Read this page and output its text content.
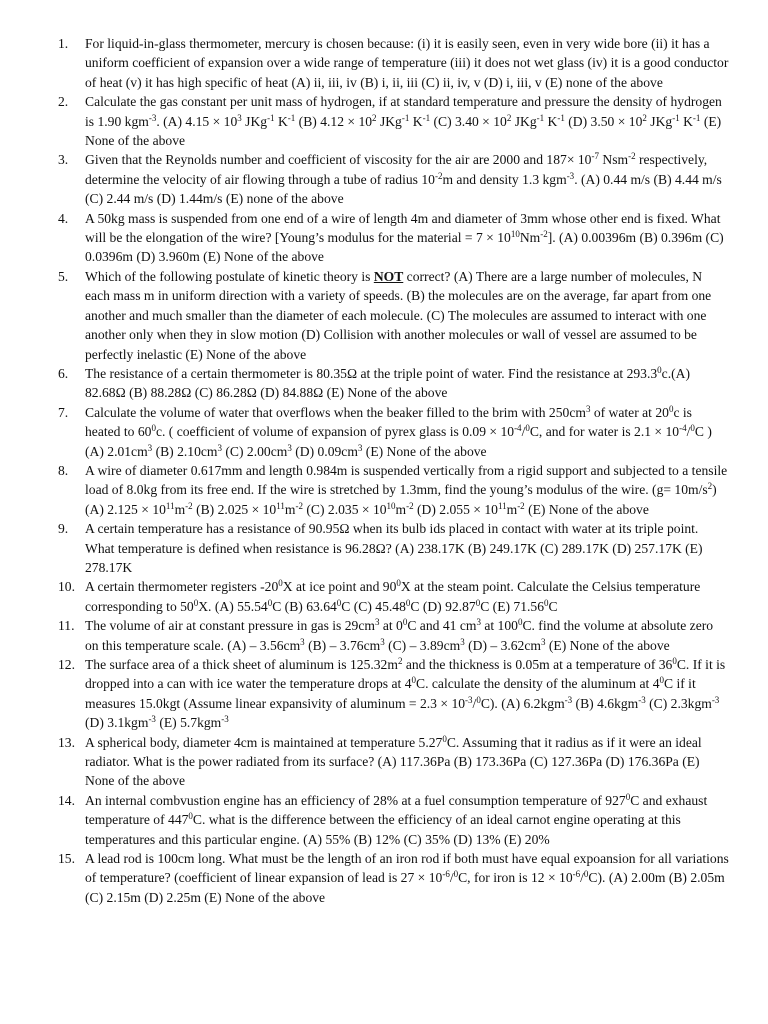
1.	For liquid-in-glass thermometer, mercury is chosen because: (i) it is easily seen, even in very wide bore (ii) it has a uniform coefficient of expansion over a wide range of temperature (iii) it does not wet glass (iv) it is a good conductor of heat (v) it has high specific of heat (A) ii, iii, iv (B) i, ii, iii (C) ii, iv, v (D) i, iii, v (E) none of the above
2.	Calculate the gas constant per unit mass of hydrogen, if at standard temperature and pressure the density of hydrogen is 1.90 kgm$^{-3}$. (A) $4.15 \times 10^3$ JKg$^{-1}$ $K^{-1}$ (B) $4.12 \times 10^2$ JKg$^{-1}$ $K^{-1}$ (C) $3.40 \times 10^2$ JKg$^{-1}$ $K^{-1}$ (D) $3.50 \times 10^2$ JKg$^{-1}$ $K^{-1}$ (E) None of the above
3.	Given that the Reynolds number and coefficient of viscosity for the air are 2000 and $187\times 10^{-7}$ Nsm$^{-2}$ respectively, determine the velocity of air flowing through a tube of radius $10^{-2}m$ and density 1.3 kgm$^{-3}$. (A) 0.44 m/s (B) 4.44 m/s (C) 2.44 m/s (D) 1.44m/s (E) none of the above
4.	A 50kg mass is suspended from one end of a wire of length 4m and diameter of 3mm whose other end is fixed. What will be the elongation of the wire? [Young’s modulus for the material = $7 \times 10^{10}Nm^{-2}$]. (A) 0.00396m (B) 0.396m (C) 0.0396m (D) 3.960m (E) None of the above
5.	Which of the following postulate of kinetic theory is NOT correct? (A) There are a large number of molecules, N each mass m in uniform direction with a variety of speeds. (B) the molecules are on the average, far apart from one another and much smaller than the diameter of each molecule. (C) The molecules are assumed to interact with one another only when they in slow motion (D) Collision with another molecules or wall of vessel are assumed to be perfectly inelastic (E) None of the above
6.	The resistance of a certain thermometer is 80.35Ω at the triple point of water. Find the resistance at 293.3$^0$c.(A) 82.68Ω (B) 88.28Ω (C) 86.28Ω (D) 84.88Ω (E) None of the above
7.	Calculate the volume of water that overflows when the beaker filled to the brim with $250cm^3$ of water at $20^0c$ is heated to $60^0c$. ( coefficient of volume of expansion of pyrex glass is $0.09 \times 10^{-4}/^0C$, and for water is $2.1 \times 10^{-4}/^0C$ ) (A) $2.01cm^3$ (B) $2.10cm^3$ (C) $2.00cm^3$ (D) $0.09cm^3$ (E) None of the above
8.	A wire of diameter 0.617mm and length 0.984m is suspended vertically from a rigid support and subjected to a tensile load of 8.0kg from its free end. If the wire is stretched by 1.3mm, find the young’s modulus of the wire. $(g= 10m/s^2)$ (A) $2.125 \times 10^{11}m^{-2}$ (B) $2.025 \times 10^{11}m^{-2}$ (C) $2.035 \times 10^{10}m^{-2}$ (D) $2.055 \times 10^{11}m^{-2}$ (E) None of the above
9.	A certain temperature has a resistance of 90.95Ω when its bulb ids placed in contact with water at its triple point. What temperature is defined when resistance is 96.28Ω? (A) 238.17K (B) 249.17K (C) 289.17K (D) 257.17K (E) 278.17K
10. A certain thermometer registers $-20^0X$ at ice point and $90^0X$ at the steam point. Calculate the Celsius temperature corresponding to $50^0X$. (A) 55.54$^0$C (B) 63.64$^0$C (C) 45.48$^0$C (D) 92.87$^0$C (E) 71.56$^0$C
11. The volume of air at constant pressure in gas is $29cm^3$ at $0^0C$ and 41 $cm^3$ at $100^0C$. find the volume at absolute zero on this temperature scale. $(A) - 3.56cm^3$ $(B) - 3.76cm^3$ $(C) - 3.89cm^3$ $(D) - 3.62cm^3$ (E) None of the above
12. The surface area of a thick sheet of aluminum is $125.32m^2$ and the thickness is 0.05m at a temperature of $36^0C$. If it is dropped into a can with ice water the temperature drops at $4^0C$. calculate the density of the aluminum at $4^0C$ if it measures 15.0kgt (Assume linear expansivity of aluminum = $2.3 \times 10^{-3}/^0C$). (A) 6.2kgm$^{-3}$ (B) 4.6kgm$^{-3}$ (C) 2.3kgm$^{-3}$ (D) 3.1kgm$^{-3}$ (E) 5.7kgm$^{-3}$
13. A spherical body, diameter 4cm is maintained at temperature 5.27$^0$C. Assuming that it radius as if it were an ideal radiator. What is the power radiated from its surface? (A) 117.36Pa (B) 173.36Pa (C) 127.36Pa (D) 176.36Pa (E) None of the above
14. An internal combvustion engine has an efficiency of 28% at a fuel consumption temperature of $927^0C$ and exhaust temperature of $447^0C$. what is the difference between the efficiency of an ideal carnot engine operating at this temperatures and this particular engine. (A) 55% (B) 12% (C) 35% (D) 13% (E) 20%
15. A lead rod is 100cm long. What must be the length of an iron rod if both must have equal expoansion for all variations of temperature? (coefficient of linear expansion of lead is $27 \times 10^{-6}/^0C$, for iron is $12 \times 10^{-6}/^0C$). (A) 2.00m (B) 2.05m (C) 2.15m (D) 2.25m (E) None of the above
